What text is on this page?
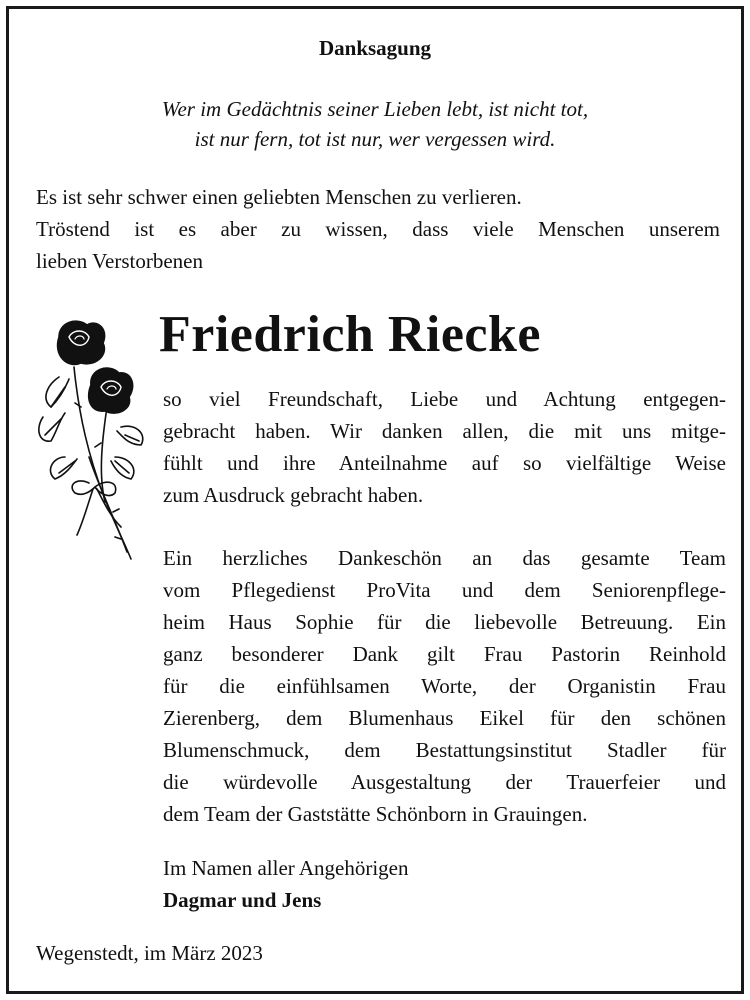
Danksagung
Wer im Gedächtnis seiner Lieben lebt, ist nicht tot,
ist nur fern, tot ist nur, wer vergessen wird.
Es ist sehr schwer einen geliebten Menschen zu verlieren.
Tröstend ist es aber zu wissen, dass viele Menschen unserem
lieben Verstorbenen
Friedrich Riecke
so viel Freundschaft, Liebe und Achtung entgegen-
gebracht haben. Wir danken allen, die mit uns mitge-
fühlt und ihre Anteilnahme auf so vielfältige Weise
zum Ausdruck gebracht haben.
Ein herzliches Dankeschön an das gesamte Team
vom Pflegedienst ProVita und dem Seniorenpflege-
heim Haus Sophie für die liebevolle Betreuung. Ein
ganz besonderer Dank gilt Frau Pastorin Reinhold
für die einfühlsamen Worte, der Organistin Frau
Zierenberg, dem Blumenhaus Eikel für den schönen
Blumenschmuck, dem Bestattungsinstitut Stadler für
die würdevolle Ausgestaltung der Trauerfeier und
dem Team der Gaststätte Schönborn in Grauingen.
Im Namen aller Angehörigen
Dagmar und Jens
Wegenstedt, im März 2023
